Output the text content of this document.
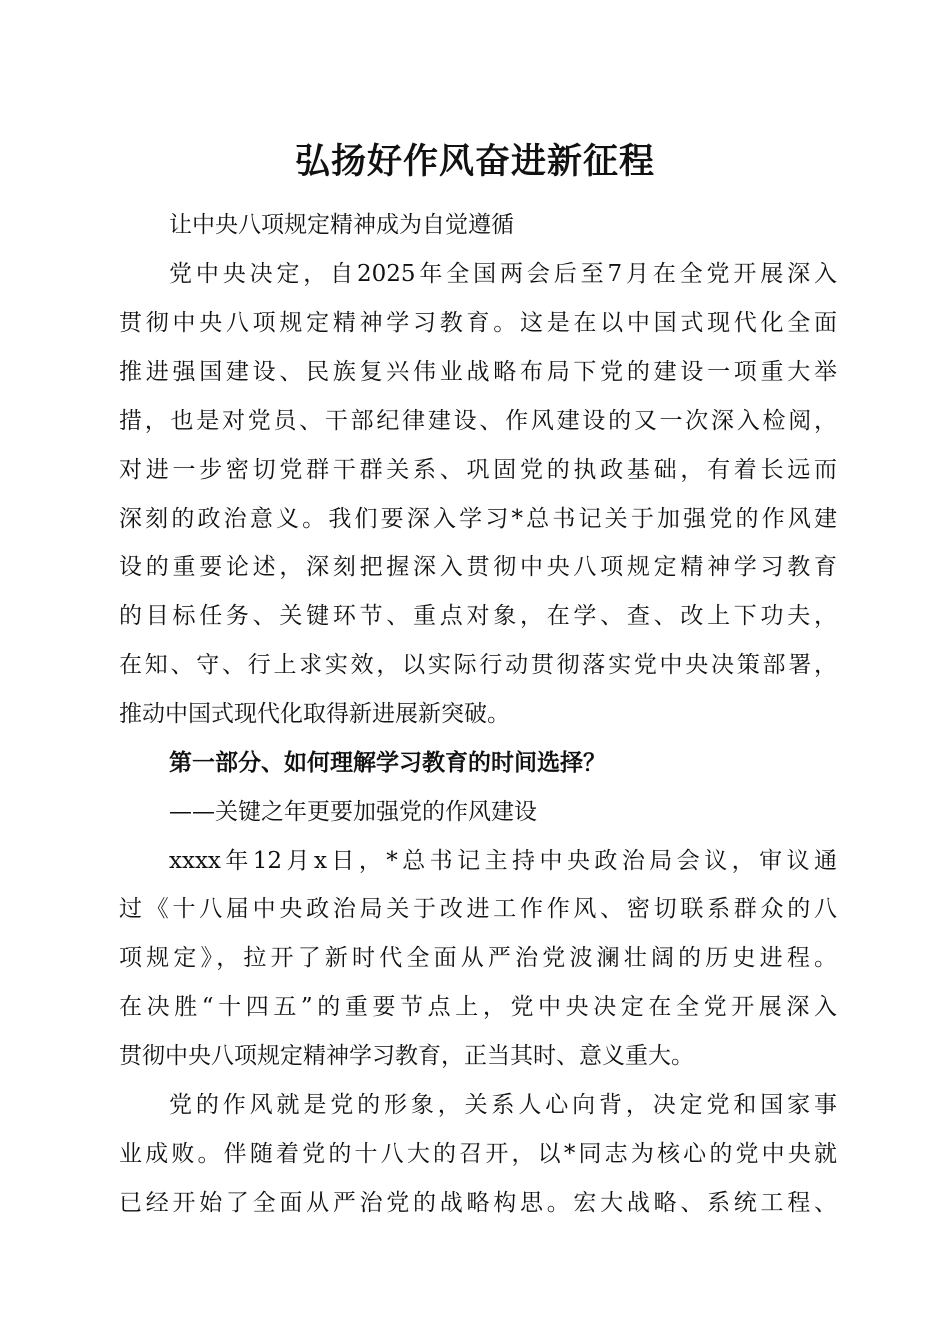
弘扬好作风奋进新征程
让中央八项规定精神成为自觉遵循
党中央决定，自2025年全国两会后至7月在全党开展深入
贯彻中央八项规定精神学习教育。这是在以中国式现代化全面
推进强国建设、民族复兴伟业战略布局下党的建设一项重大举
措，也是对党员、干部纪律建设、作风建设的又一次深入检阅，
对进一步密切党群干群关系、巩固党的执政基础，有着长远而
深刻的政治意义。我们要深入学习*总书记关于加强党的作风建
设的重要论述，深刻把握深入贯彻中央八项规定精神学习教育
的目标任务、关键环节、重点对象，在学、查、改上下功夫，
在知、守、行上求实效，以实际行动贯彻落实党中央决策部署，
推动中国式现代化取得新进展新突破。
第一部分、如何理解学习教育的时间选择？
——关键之年更要加强党的作风建设
xxxx年12月x日，*总书记主持中央政治局会议，审议通
过《十八届中央政治局关于改进工作作风、密切联系群众的八
项规定》，拉开了新时代全面从严治党波澜壮阔的历史进程。
在决胜“十四五”的重要节点上，党中央决定在全党开展深入
贯彻中央八项规定精神学习教育，正当其时、意义重大。
党的作风就是党的形象，关系人心向背，决定党和国家事
业成败。伴随着党的十八大的召开，以*同志为核心的党中央就
已经开始了全面从严治党的战略构思。宏大战略、系统工程、
